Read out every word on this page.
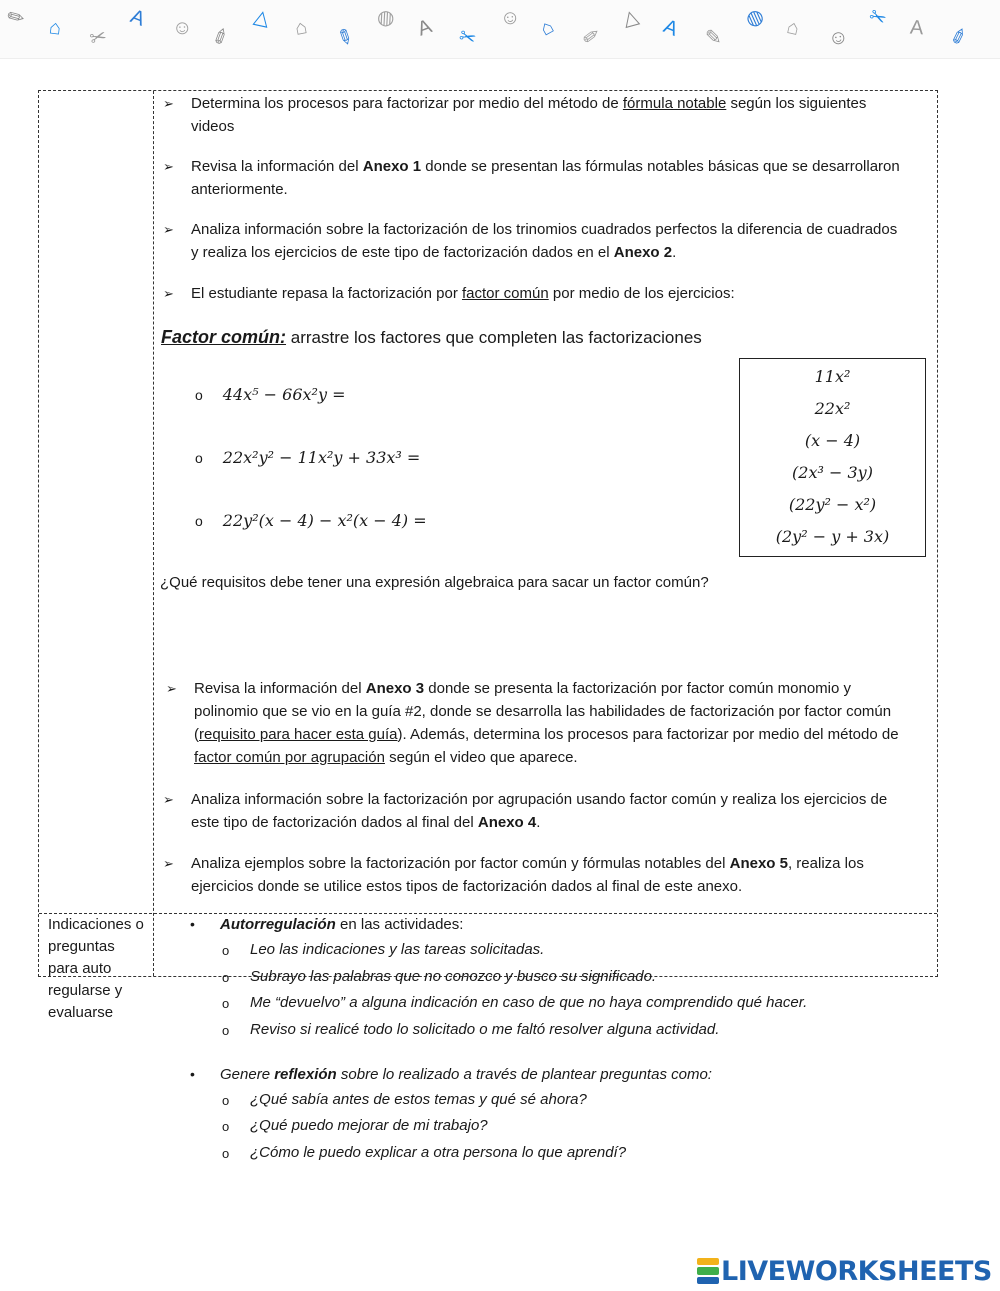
✎ ⌂ ✂
A ☺ ✐
△ ⌂ ✎
◍ A ✂
☺ ⌂ ✐
△ A ✎
◍ ⌂ ☺
✂ A ✐
➢ Determina los procesos para factorizar por medio del método de fórmula notable según los siguientes videos
➢ Revisa la información del Anexo 1 donde se presentan las fórmulas notables básicas que se desarrollaron anteriormente.
➢ Analiza información sobre la factorización de los trinomios cuadrados perfectos la diferencia de cuadrados y realiza los ejercicios de este tipo de factorización dados en el Anexo 2.
➢ El estudiante repasa la factorización por factor común por medio de los ejercicios:
Factor común: arrastre los factores que completen las factorizaciones
o 44x⁵ − 66x²y =
o 22x²y² − 11x²y + 33x³ =
o 22y²(x − 4) − x²(x − 4) =
11x²
22x²
(x − 4)
(2x³ − 3y)
(22y² − x²)
(2y² − y + 3x)
¿Qué requisitos debe tener una expresión algebraica para sacar un factor común?
➢ Revisa la información del Anexo 3 donde se presenta la factorización por factor común monomio y polinomio que se vio en la guía #2, donde se desarrolla las habilidades de factorización por factor común (requisito para hacer esta guía). Además, determina los procesos para factorizar por medio del método de factor común por agrupación según el video que aparece.
➢ Analiza información sobre la factorización por agrupación usando factor común y realiza los ejercicios de este tipo de factorización dados al final del Anexo 4.
➢ Analiza ejemplos sobre la factorización por factor común y fórmulas notables del Anexo 5, realiza los ejercicios donde se utilice estos tipos de factorización dados al final de este anexo.
Indicaciones o preguntas para auto regularse y evaluarse
• Autorregulación en las actividades:
o Leo las indicaciones y las tareas solicitadas.
o Subrayo las palabras que no conozco y busco su significado.
o Me “devuelvo” a alguna indicación en caso de que no haya comprendido qué hacer.
o Reviso si realicé todo lo solicitado o me faltó resolver alguna actividad.
• Genere reflexión sobre lo realizado a través de plantear preguntas como:
o ¿Qué sabía antes de estos temas y qué sé ahora?
o ¿Qué puedo mejorar de mi trabajo?
o ¿Cómo le puedo explicar a otra persona lo que aprendí?
LIVEWORKSHEETS
